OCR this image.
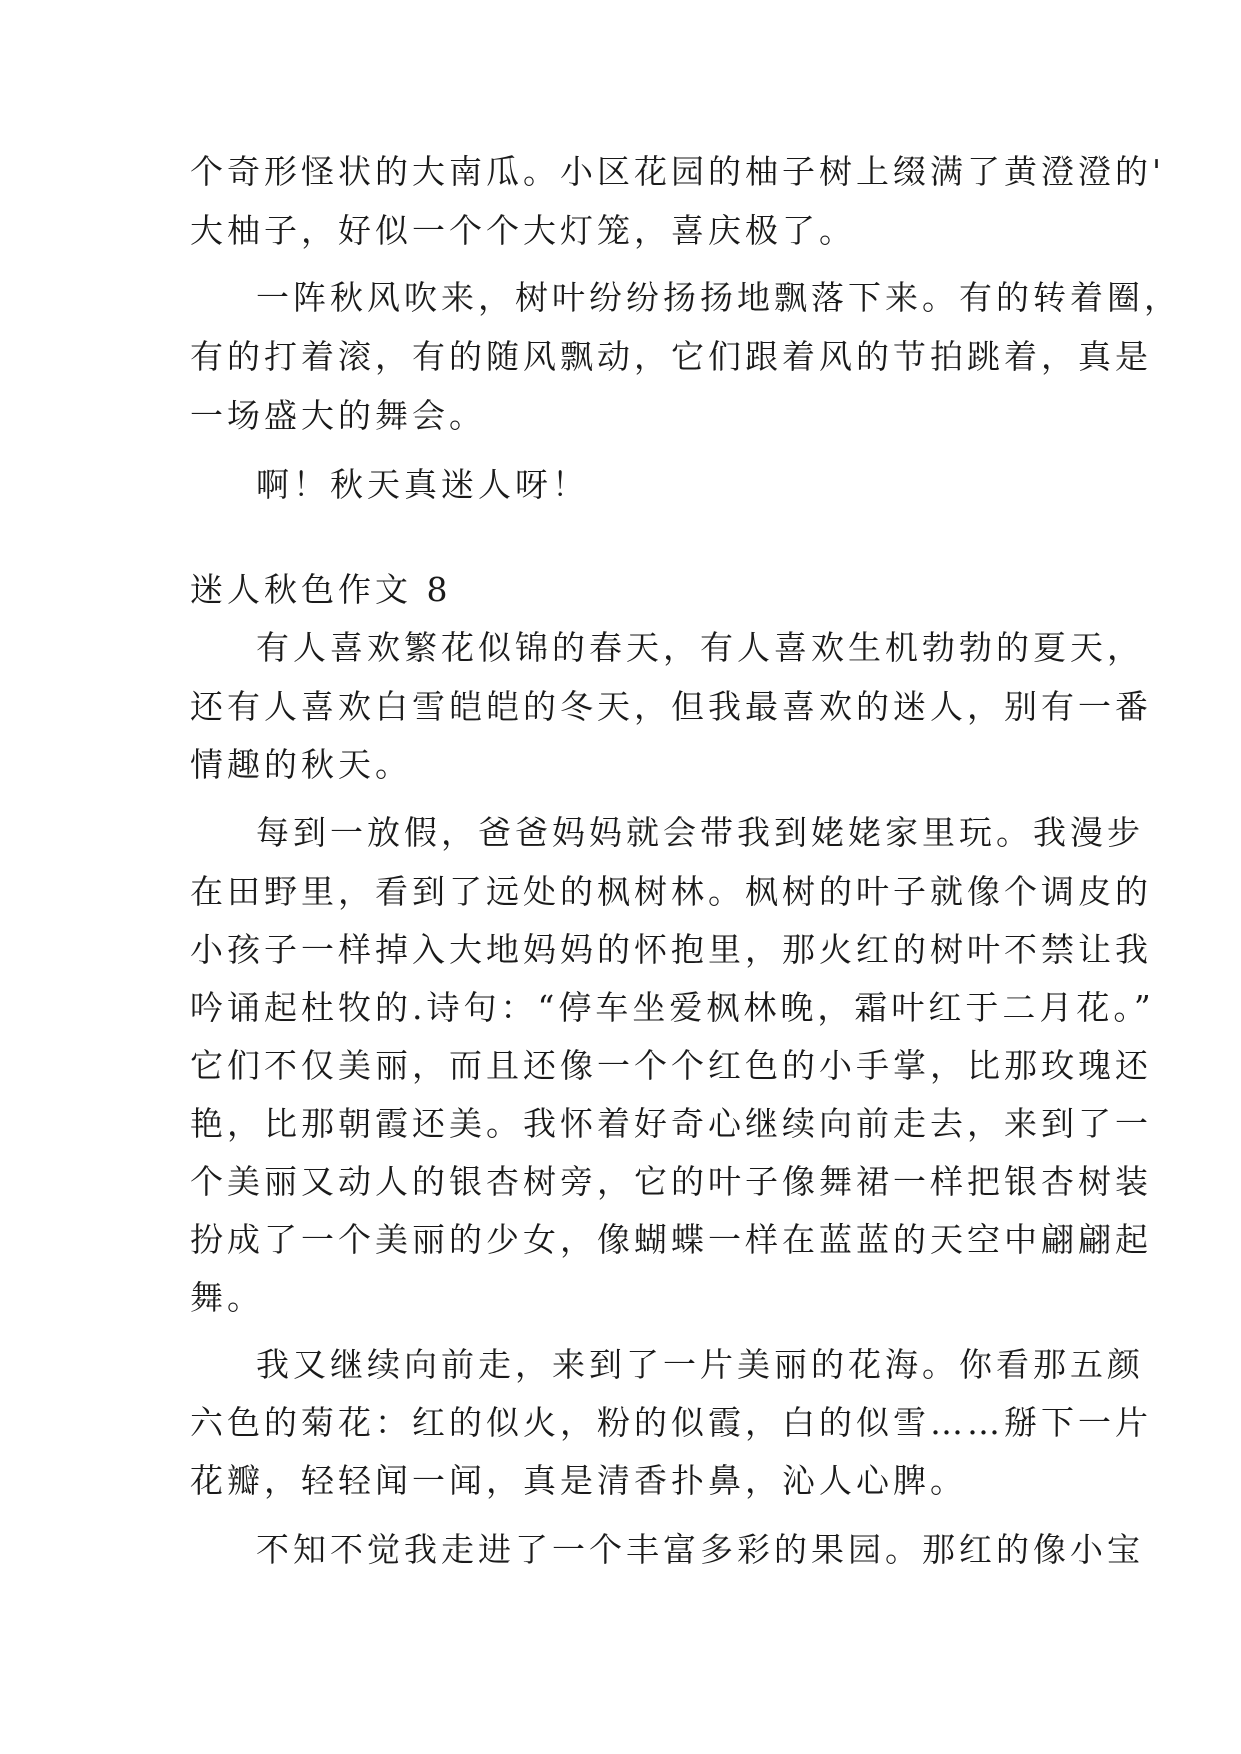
个奇形怪状的大南瓜。小区花园的柚子树上缀满了黄澄澄的'

大柚子，好似一个个大灯笼，喜庆极了。

一阵秋风吹来，树叶纷纷扬扬地飘落下来。有的转着圈，

有的打着滚，有的随风飘动，它们跟着风的节拍跳着，真是

一场盛大的舞会。

啊！秋天真迷人呀！

迷人秋色作文 8

有人喜欢繁花似锦的春天，有人喜欢生机勃勃的夏天，

还有人喜欢白雪皑皑的冬天，但我最喜欢的迷人，别有一番

情趣的秋天。

每到一放假，爸爸妈妈就会带我到姥姥家里玩。我漫步

在田野里，看到了远处的枫树林。枫树的叶子就像个调皮的

小孩子一样掉入大地妈妈的怀抱里，那火红的树叶不禁让我

吟诵起杜牧的.诗句：“停车坐爱枫林晚，霜叶红于二月花。”

它们不仅美丽，而且还像一个个红色的小手掌，比那玫瑰还

艳，比那朝霞还美。我怀着好奇心继续向前走去，来到了一

个美丽又动人的银杏树旁，它的叶子像舞裙一样把银杏树装

扮成了一个美丽的少女，像蝴蝶一样在蓝蓝的天空中翩翩起

舞。

我又继续向前走，来到了一片美丽的花海。你看那五颜

六色的菊花：红的似火，粉的似霞，白的似雪……掰下一片

花瓣，轻轻闻一闻，真是清香扑鼻，沁人心脾。

不知不觉我走进了一个丰富多彩的果园。那红的像小宝
